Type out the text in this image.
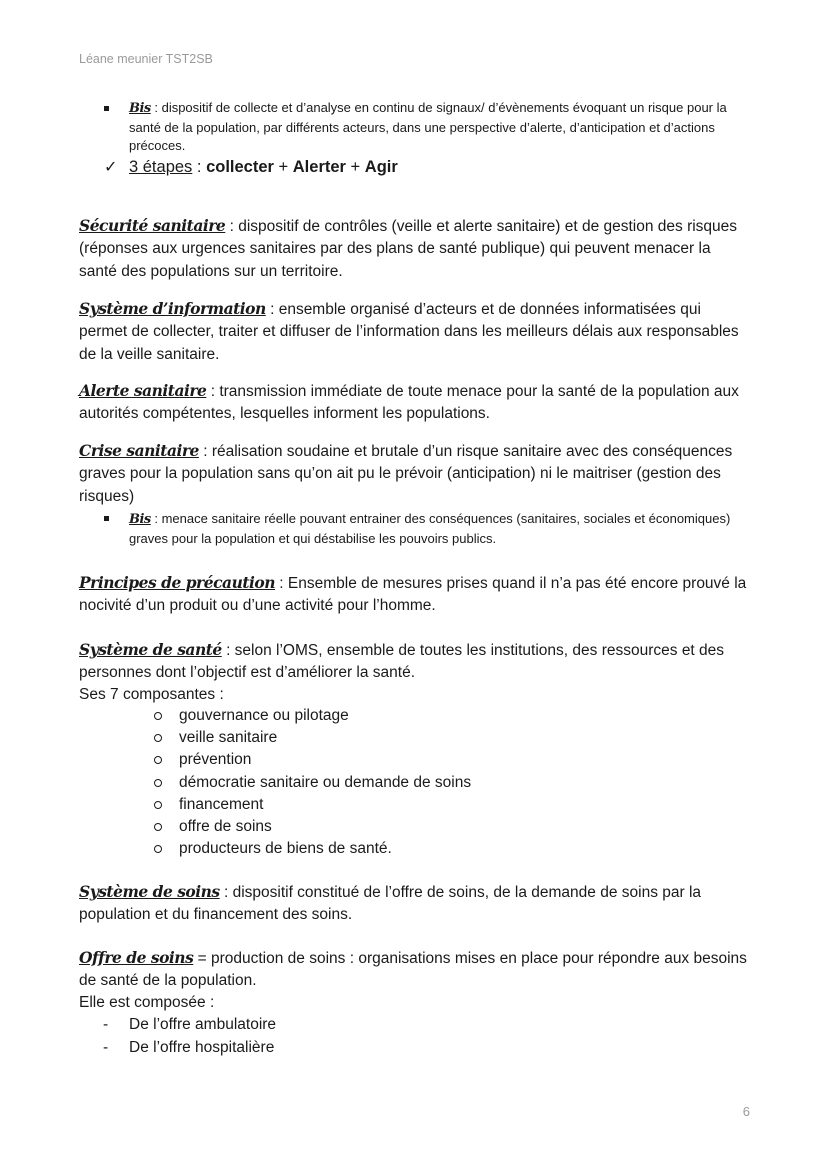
Léane meunier TST2SB

Bis : dispositif de collecte et d’analyse en continu de signaux/ d’évènements évoquant un risque pour la santé de la population, par différents acteurs, dans une perspective d’alerte, d’anticipation et d’actions précoces.

✓ 3 étapes : collecter + Alerter + Agir

Sécurité sanitaire : dispositif de contrôles (veille et alerte sanitaire) et de gestion des risques (réponses aux urgences sanitaires par des plans de santé publique) qui peuvent menacer la santé des populations sur un territoire.

Système d’information : ensemble organisé d’acteurs et de données informatisées qui permet de collecter, traiter et diffuser de l’information dans les meilleurs délais aux responsables de la veille sanitaire.

Alerte sanitaire : transmission immédiate de toute menace pour la santé de la population aux autorités compétentes, lesquelles informent les populations.

Crise sanitaire : réalisation soudaine et brutale d’un risque sanitaire avec des conséquences graves pour la population sans qu’on ait pu le prévoir (anticipation) ni le maitriser (gestion des risques)

Bis : menace sanitaire réelle pouvant entrainer des conséquences (sanitaires, sociales et économiques) graves pour la population et qui déstabilise les pouvoirs publics.

Principes de précaution : Ensemble de mesures prises quand il n’a pas été encore prouvé la nocivité d’un produit ou d’une activité pour l’homme.

Système de santé : selon l’OMS, ensemble de toutes les institutions, des ressources et des personnes dont l’objectif est d’améliorer la santé.

Ses 7 composantes :

gouvernance ou pilotage
veille sanitaire
prévention
démocratie sanitaire ou demande de soins
financement
offre de soins
producteurs de biens de santé.

Système de soins : dispositif constitué de l’offre de soins, de la demande de soins par la population et du financement des soins.

Offre de soins = production de soins : organisations mises en place pour répondre aux besoins de santé de la population.

Elle est composée :

- De l’offre ambulatoire
- De l’offre hospitalière
6
